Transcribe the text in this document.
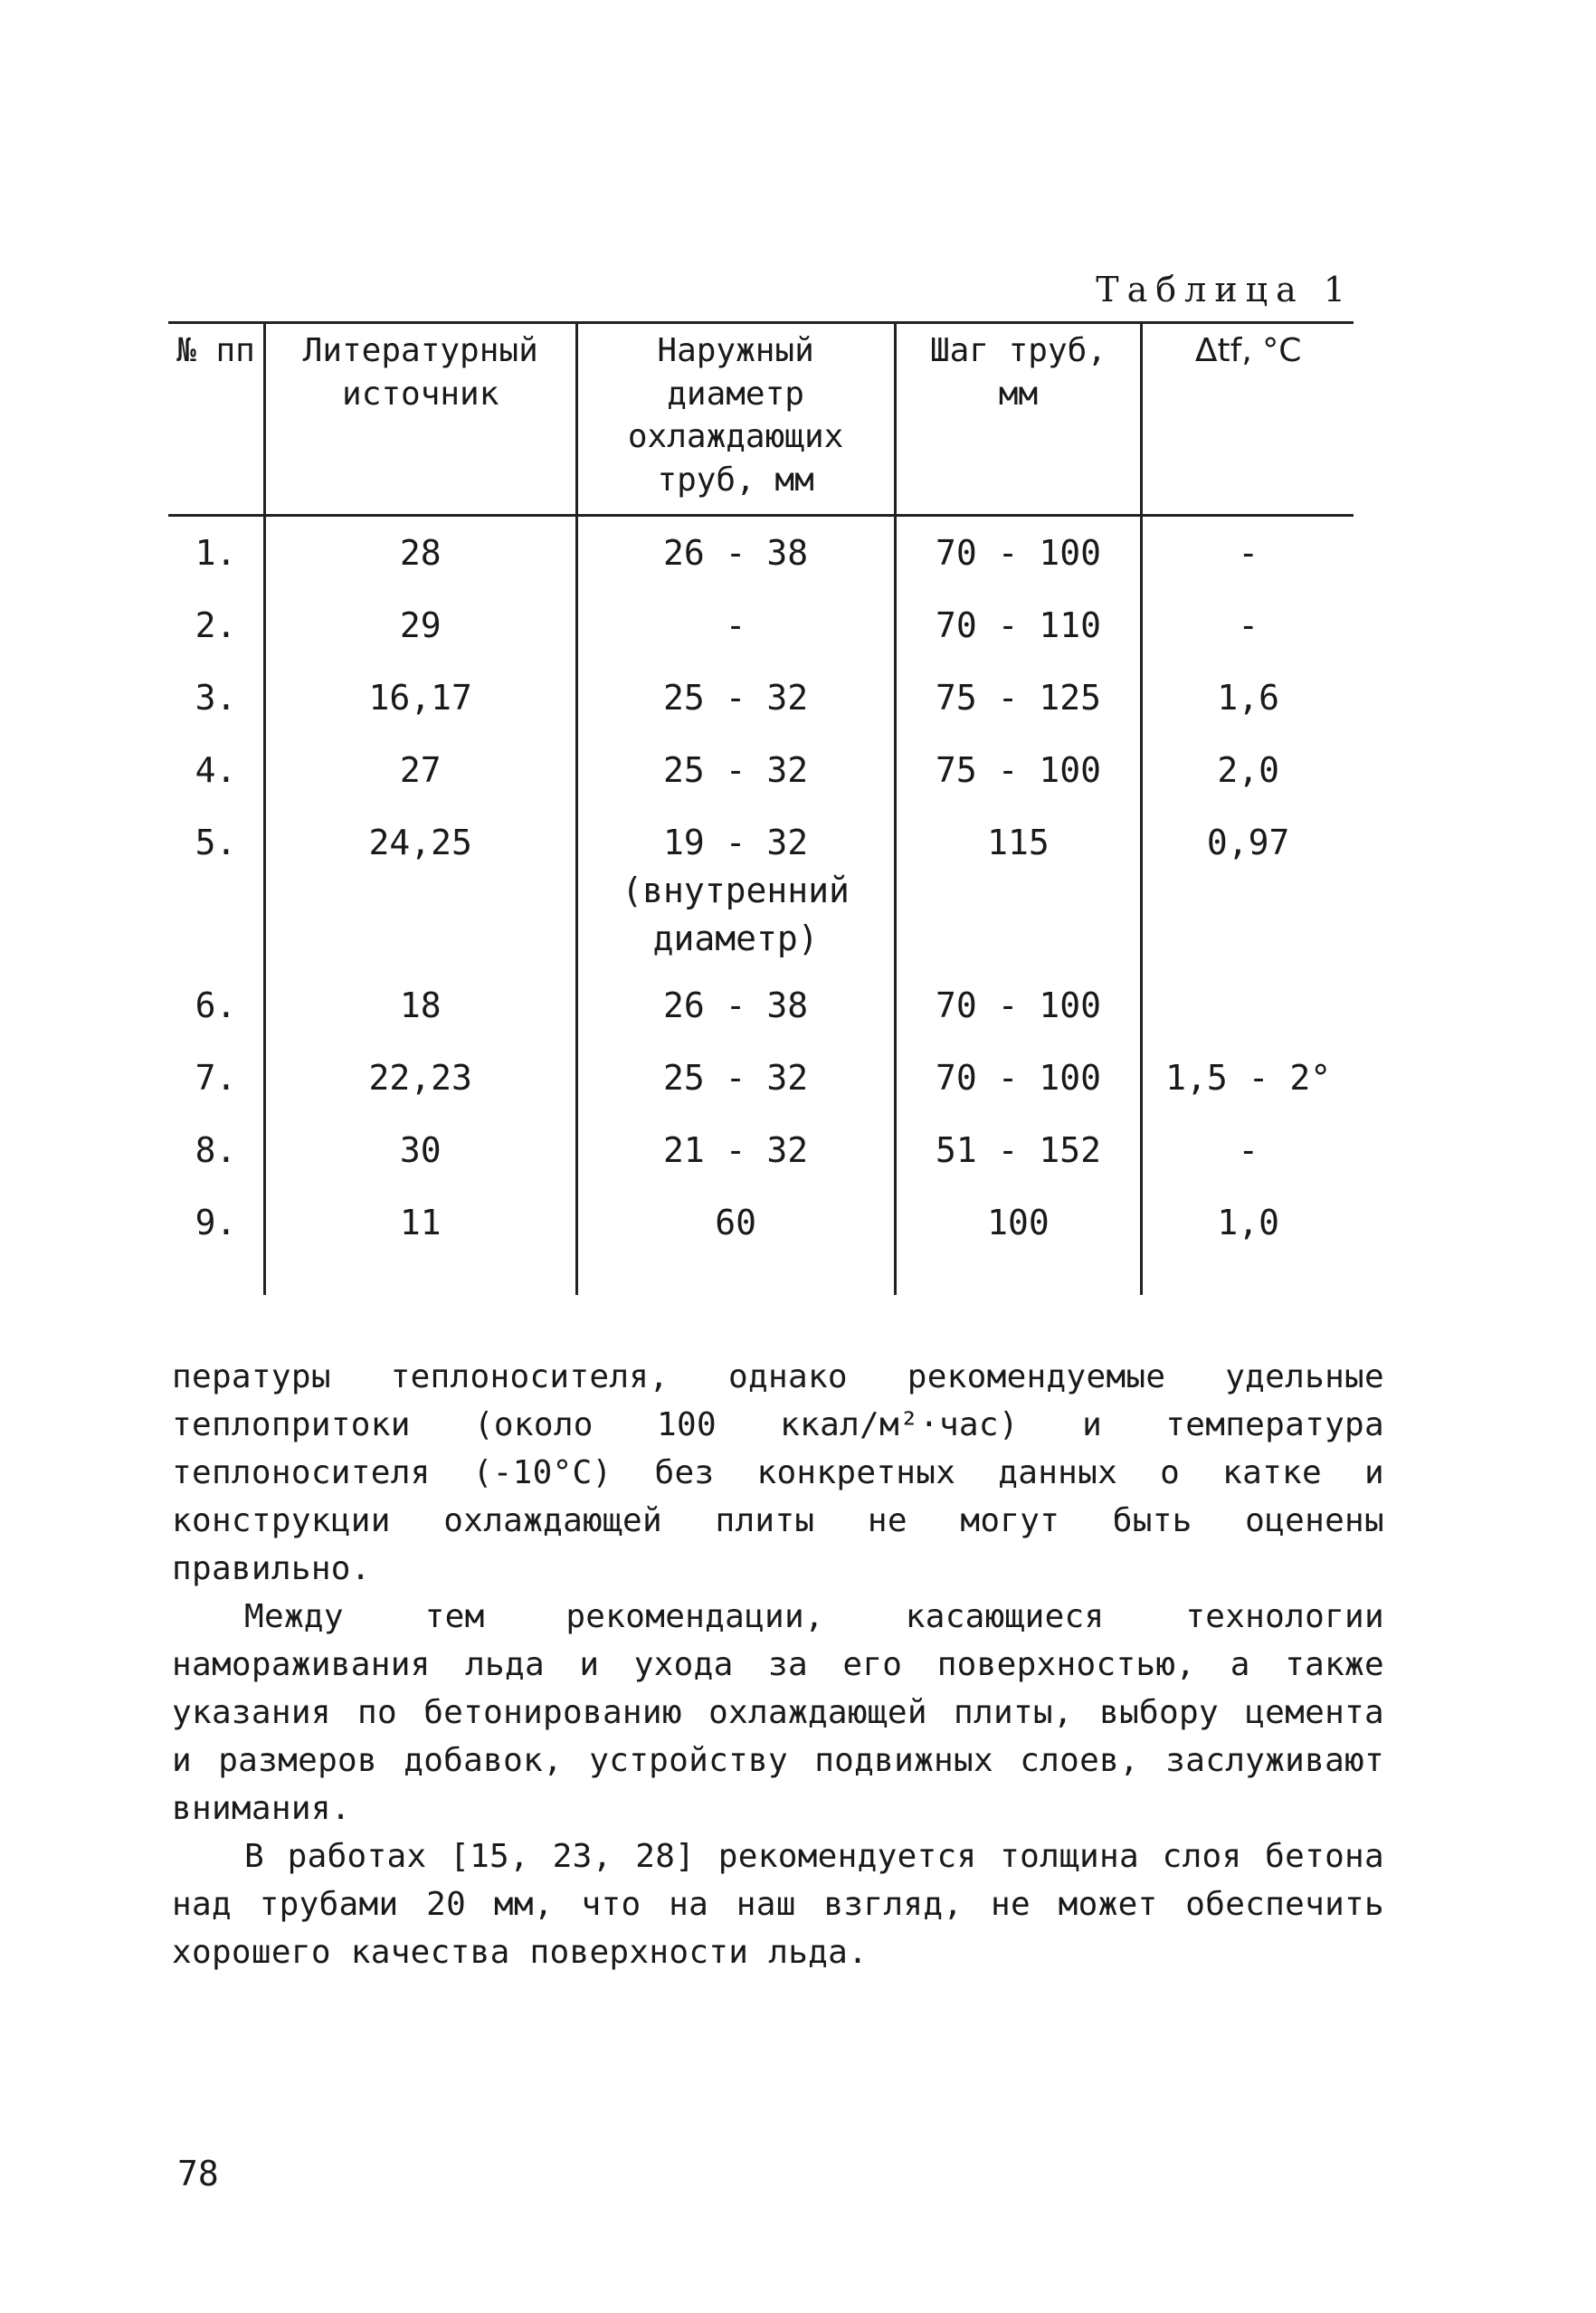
Таблица 1
№ пп	Литературный источник	Наружный диаметр охлаждающих труб, мм	Шаг труб, мм	Δtf, °C
1.	28	26 - 38	70 - 100	-
2.	29	-	70 - 110	-
3.	16,17	25 - 32	75 - 125	1,6
4.	27	25 - 32	75 - 100	2,0
5.	24,25	19 - 32 (внутренний диаметр)	115	0,97
6.	18	26 - 38	70 - 100	
7.	22,23	25 - 32	70 - 100	1,5 - 2°
8.	30	21 - 32	51 - 152	-
9.	11	60	100	1,0

пературы теплоносителя, однако рекомендуемые удельные теплопритоки (около 100 ккал/м²·час) и температура теплоносителя (-10°С) без конкретных данных о катке и конструкции охлаждающей плиты не могут быть оценены правильно.

Между тем рекомендации, касающиеся технологии намораживания льда и ухода за его поверхностью, а также указания по бетонированию охлаждающей плиты, выбору цемента и размеров добавок, устройству подвижных слоев, заслуживают внимания.

В работах [15, 23, 28] рекомендуется толщина слоя бетона над трубами 20 мм, что на наш взгляд, не может обеспечить хорошего качества поверхности льда.

78
